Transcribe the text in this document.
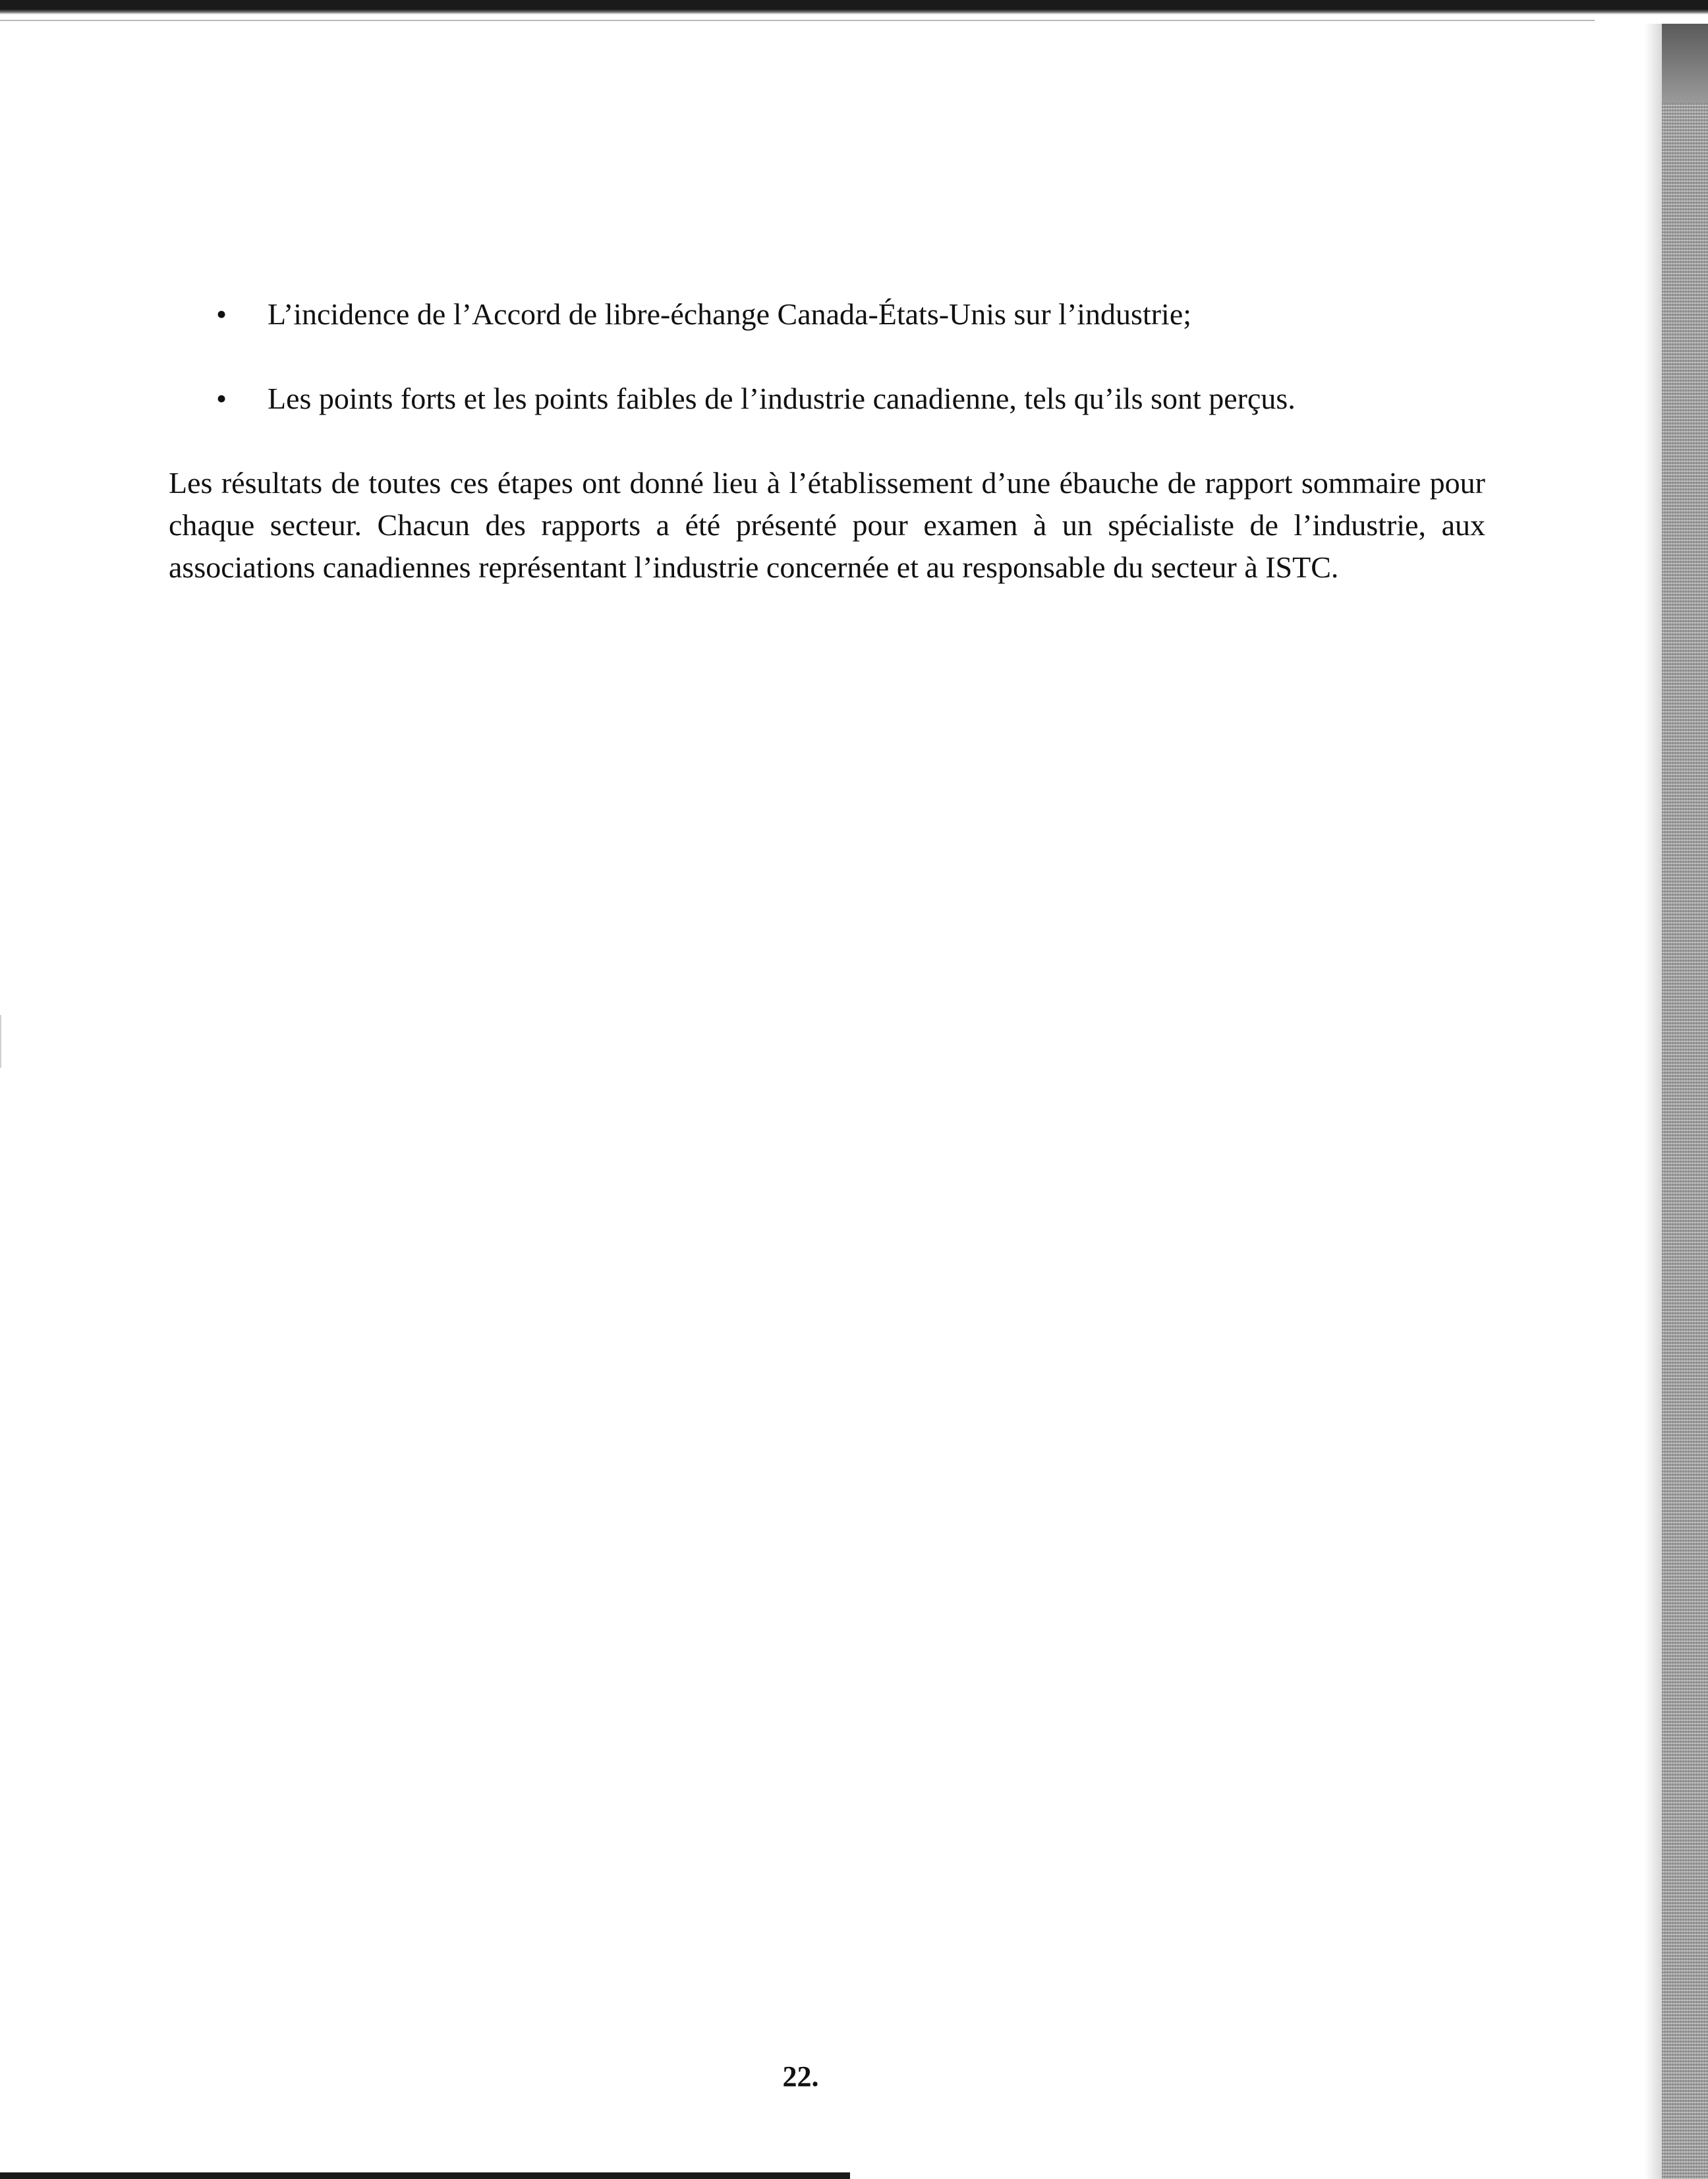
• L’incidence de l’Accord de libre-échange Canada-États-Unis sur l’industrie;
• Les points forts et les points faibles de l’industrie canadienne, tels qu’ils sont perçus.

Les résultats de toutes ces étapes ont donné lieu à l’établissement d’une ébauche de rapport sommaire pour chaque secteur. Chacun des rapports a été présenté pour examen à un spécialiste de l’industrie, aux associations canadiennes représentant l’industrie concernée et au responsable du secteur à ISTC.

22.
